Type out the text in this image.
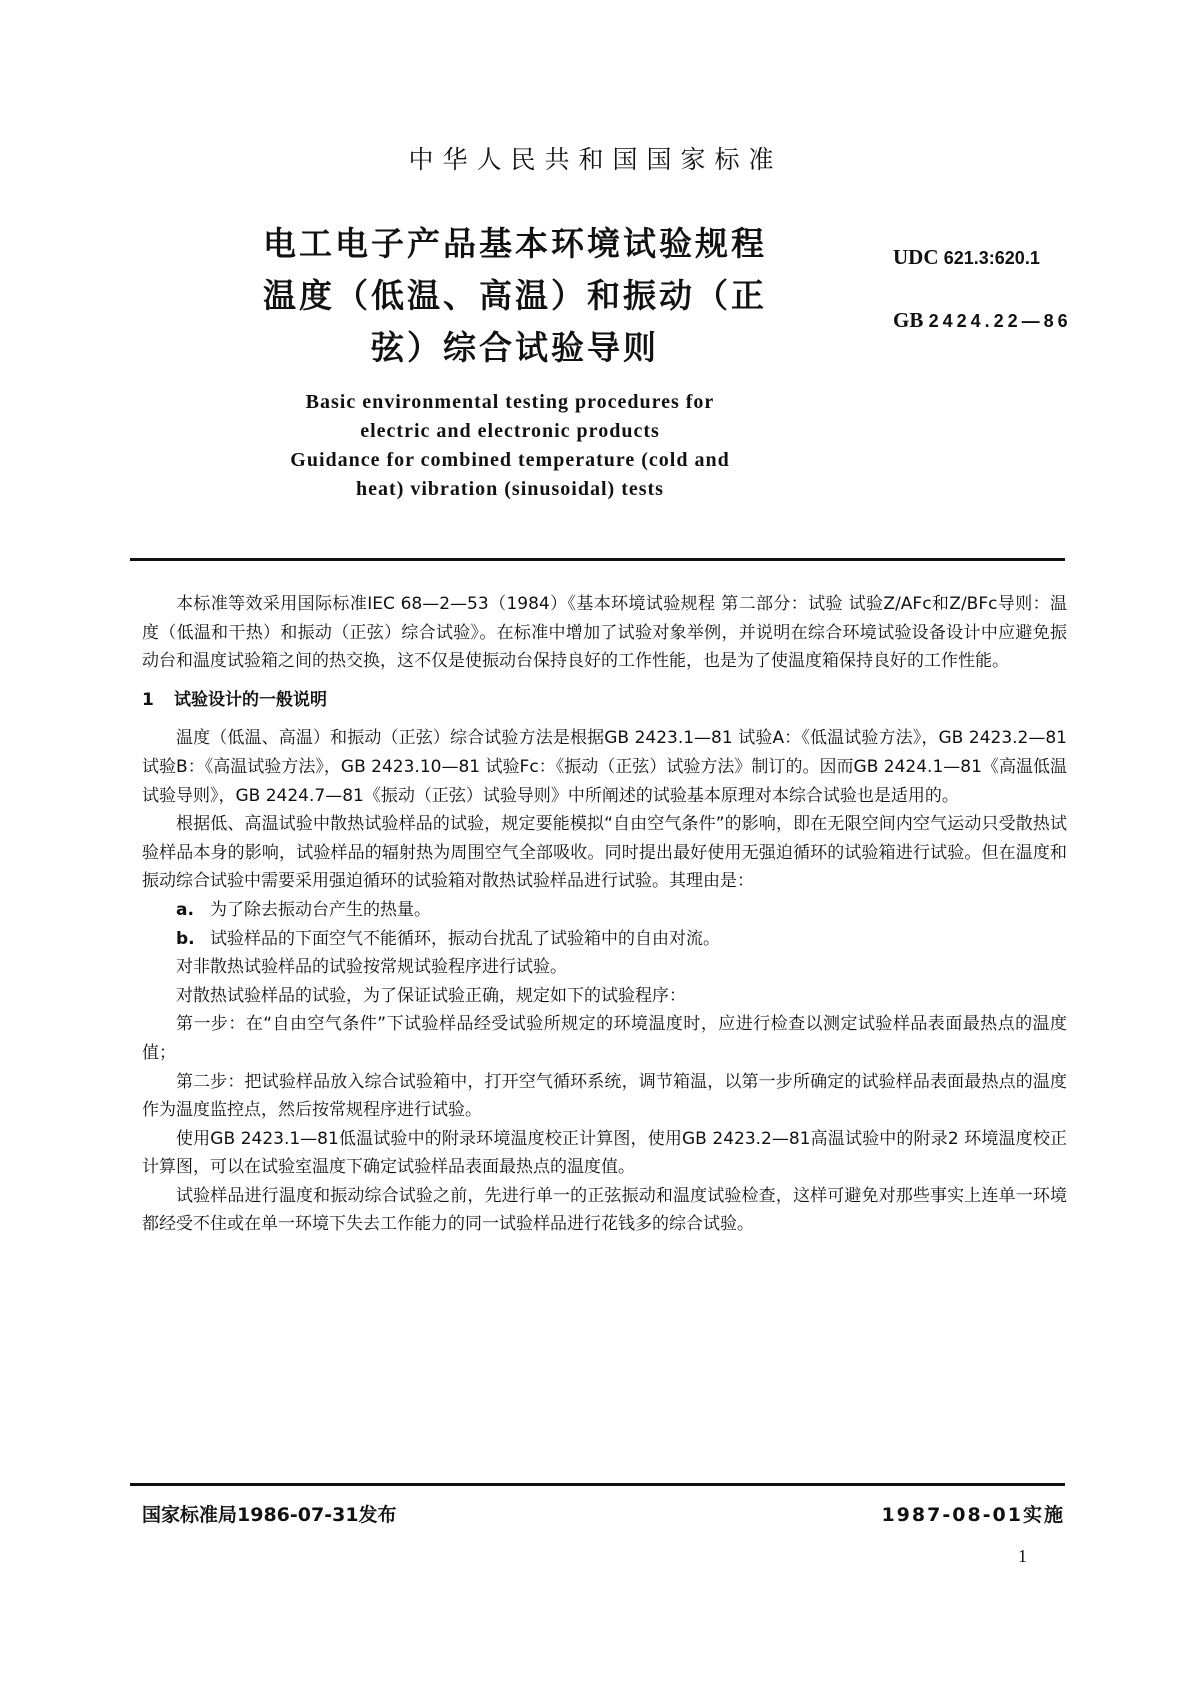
中华人民共和国国家标准
电工电子产品基本环境试验规程
温度（低温、高温）和振动（正
弦）综合试验导则
UDC 621.3:620.1
GB 2424.22—86
Basic environmental testing procedures for
electric and electronic products
Guidance for combined temperature (cold and
heat) vibration (sinusoidal) tests

本标准等效采用国际标准IEC 68—2—53（1984）《基本环境试验规程 第二部分：试验 试验Z/AFc和Z/BFc导则：温度（低温和干热）和振动（正弦）综合试验》。在标准中增加了试验对象举例，并说明在综合环境试验设备设计中应避免振动台和温度试验箱之间的热交换，这不仅是使振动台保持良好的工作性能，也是为了使温度箱保持良好的工作性能。

1 试验设计的一般说明

温度（低温、高温）和振动（正弦）综合试验方法是根据GB 2423.1—81 试验A：《低温试验方法》，GB 2423.2—81 试验B：《高温试验方法》，GB 2423.10—81 试验Fc：《振动（正弦）试验方法》制订的。因而GB 2424.1—81《高温低温试验导则》，GB 2424.7—81《振动（正弦）试验导则》中所阐述的试验基本原理对本综合试验也是适用的。

根据低、高温试验中散热试验样品的试验，规定要能模拟“自由空气条件”的影响，即在无限空间内空气运动只受散热试验样品本身的影响，试验样品的辐射热为周围空气全部吸收。同时提出最好使用无强迫循环的试验箱进行试验。但在温度和振动综合试验中需要采用强迫循环的试验箱对散热试验样品进行试验。其理由是：

a. 为了除去振动台产生的热量。

b. 试验样品的下面空气不能循环，振动台扰乱了试验箱中的自由对流。

对非散热试验样品的试验按常规试验程序进行试验。

对散热试验样品的试验，为了保证试验正确，规定如下的试验程序：

第一步：在“自由空气条件”下试验样品经受试验所规定的环境温度时，应进行检查以测定试验样品表面最热点的温度值；

第二步：把试验样品放入综合试验箱中，打开空气循环系统，调节箱温，以第一步所确定的试验样品表面最热点的温度作为温度监控点，然后按常规程序进行试验。

使用GB 2423.1—81低温试验中的附录环境温度校正计算图，使用GB 2423.2—81高温试验中的附录2 环境温度校正计算图，可以在试验室温度下确定试验样品表面最热点的温度值。

试验样品进行温度和振动综合试验之前，先进行单一的正弦振动和温度试验检查，这样可避免对那些事实上连单一环境都经受不住或在单一环境下失去工作能力的同一试验样品进行花钱多的综合试验。

国家标准局1986-07-31发布	1987-08-01实施
1
